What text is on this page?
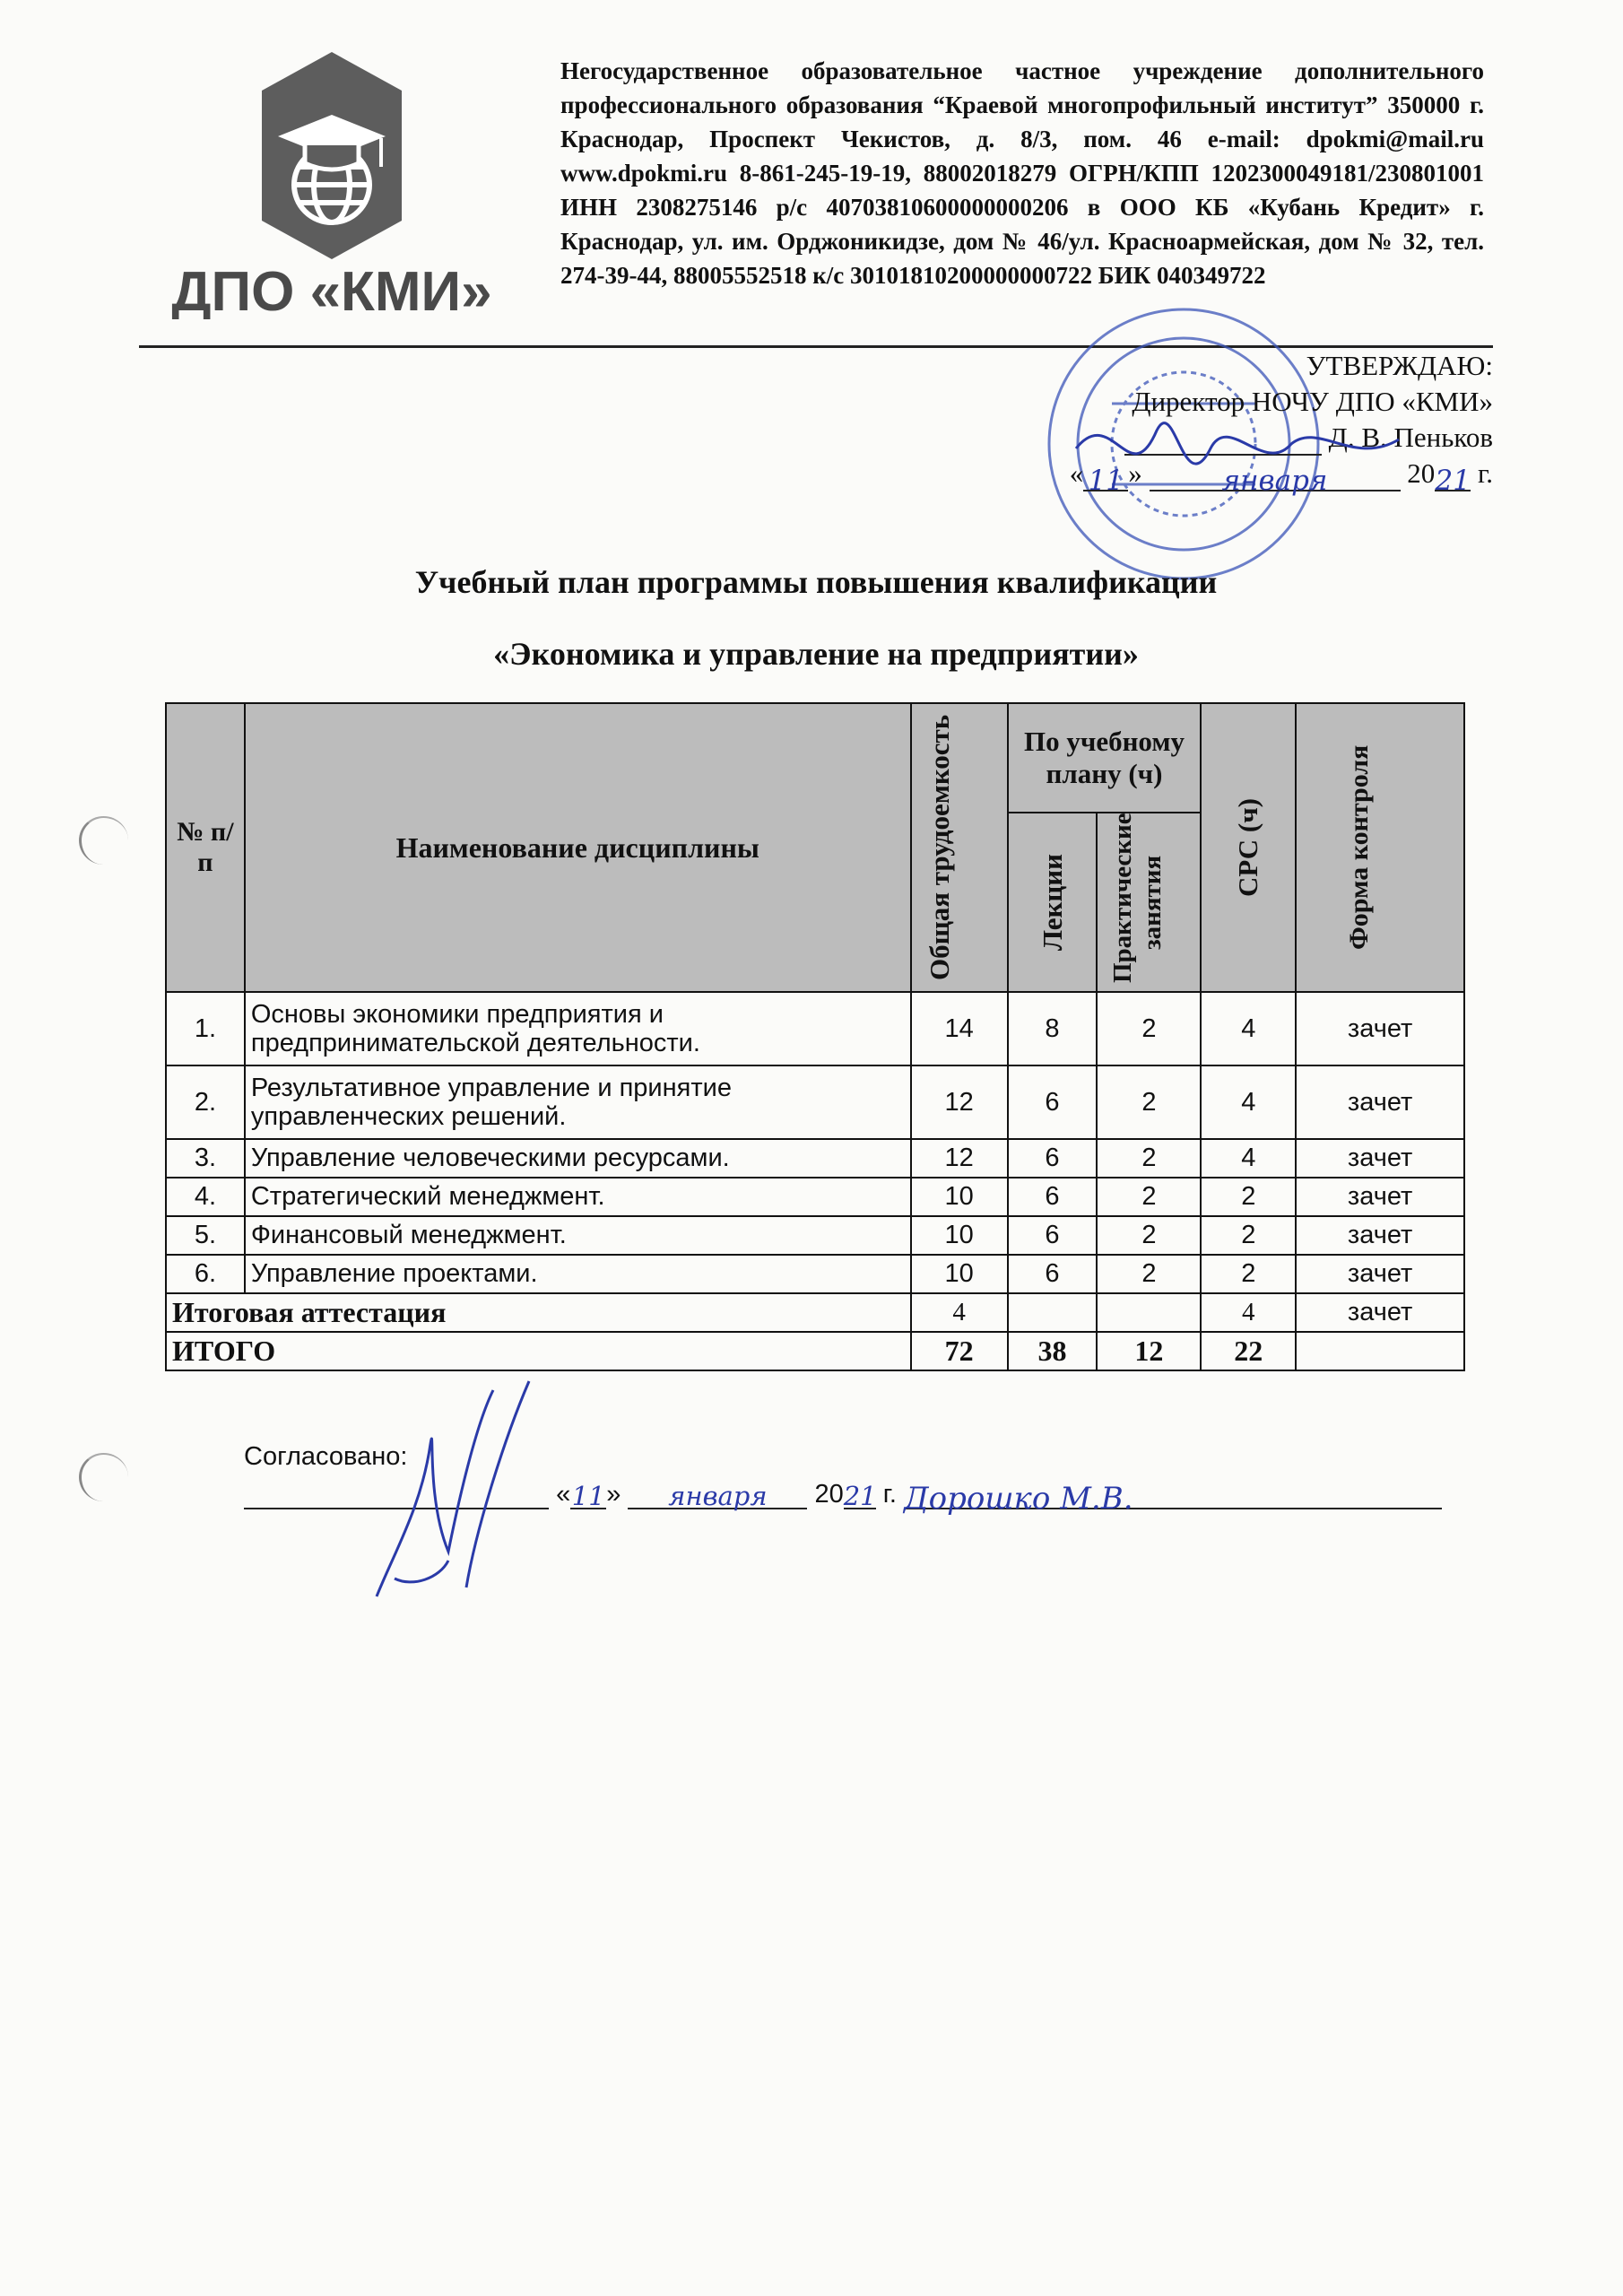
ДПО «КМИ»
Негосударственное образовательное частное учреждение дополнительного профессионального образования “Краевой многопрофильный институт” 350000 г. Краснодар, Проспект Чекистов, д. 8/3, пом. 46 e-mail: dpokmi@mail.ru www.dpokmi.ru 8-861-245-19-19, 88002018279 ОГРН/КПП 1202300049181/230801001 ИНН 2308275146 р/с 40703810600000000206 в ООО КБ «Кубань Кредит» г. Краснодар, ул. им. Орджоникидзе, дом № 46/ул. Красноармейская, дом № 32, тел. 274-39-44, 88005552518 к/с 30101810200000000722 БИК 040349722
УТВЕРЖДАЮ:
Директор НОЧУ ДПО «КМИ»
Д. В. Пеньков
« 11 »	января	2021 г.
Учебный план программы повышения квалификации
«Экономика и управление на предприятии»
№ п/п	Наименование дисциплины	Общая трудоемкость	По учебному плану (ч)		СРС (ч)	Форма контроля

			Лекции	Практические занятия		

1.	Основы экономики предприятия и предпринимательской деятельности.	14	8	2	4	зачет
2.	Результативное управление и принятие управленческих решений.	12	6	2	4	зачет
3.	Управление человеческими ресурсами.	12	6	2	4	зачет
4.	Стратегический менеджмент.	10	6	2	2	зачет
5.	Финансовый менеджмент.	10	6	2	2	зачет
6.	Управление проектами.	10	6	2	2	зачет
Итоговая аттестация		4			4	зачет
ИТОГО		72	38	12	22	
Согласовано:
«11» января 2021 г. Дорошко М.В.
